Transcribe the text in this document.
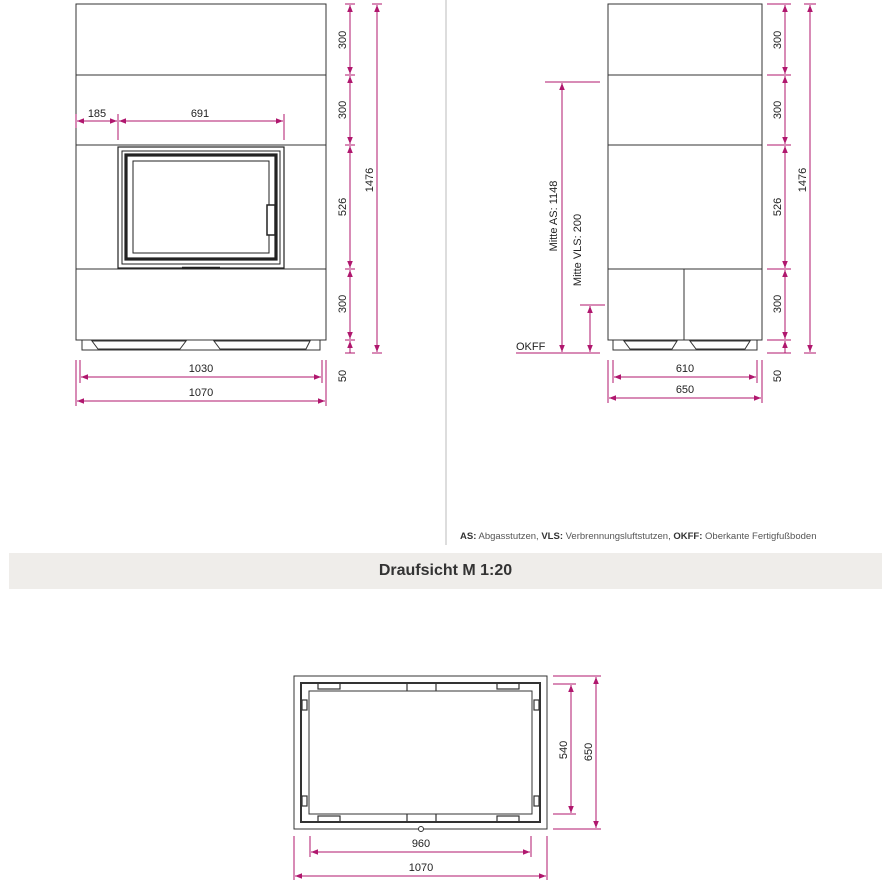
300
300
526
300
50
1476
185	691
1030
1070
300
300
526
300
50
1476
Mitte AS: 1148 Mitte VLS: 200
OKFF
610
650
540 650
960
1070
AS: Abgasstutzen, VLS: Verbrennungsluftstutzen, OKFF: Oberkante Fertigfußboden
Draufsicht M 1:20
